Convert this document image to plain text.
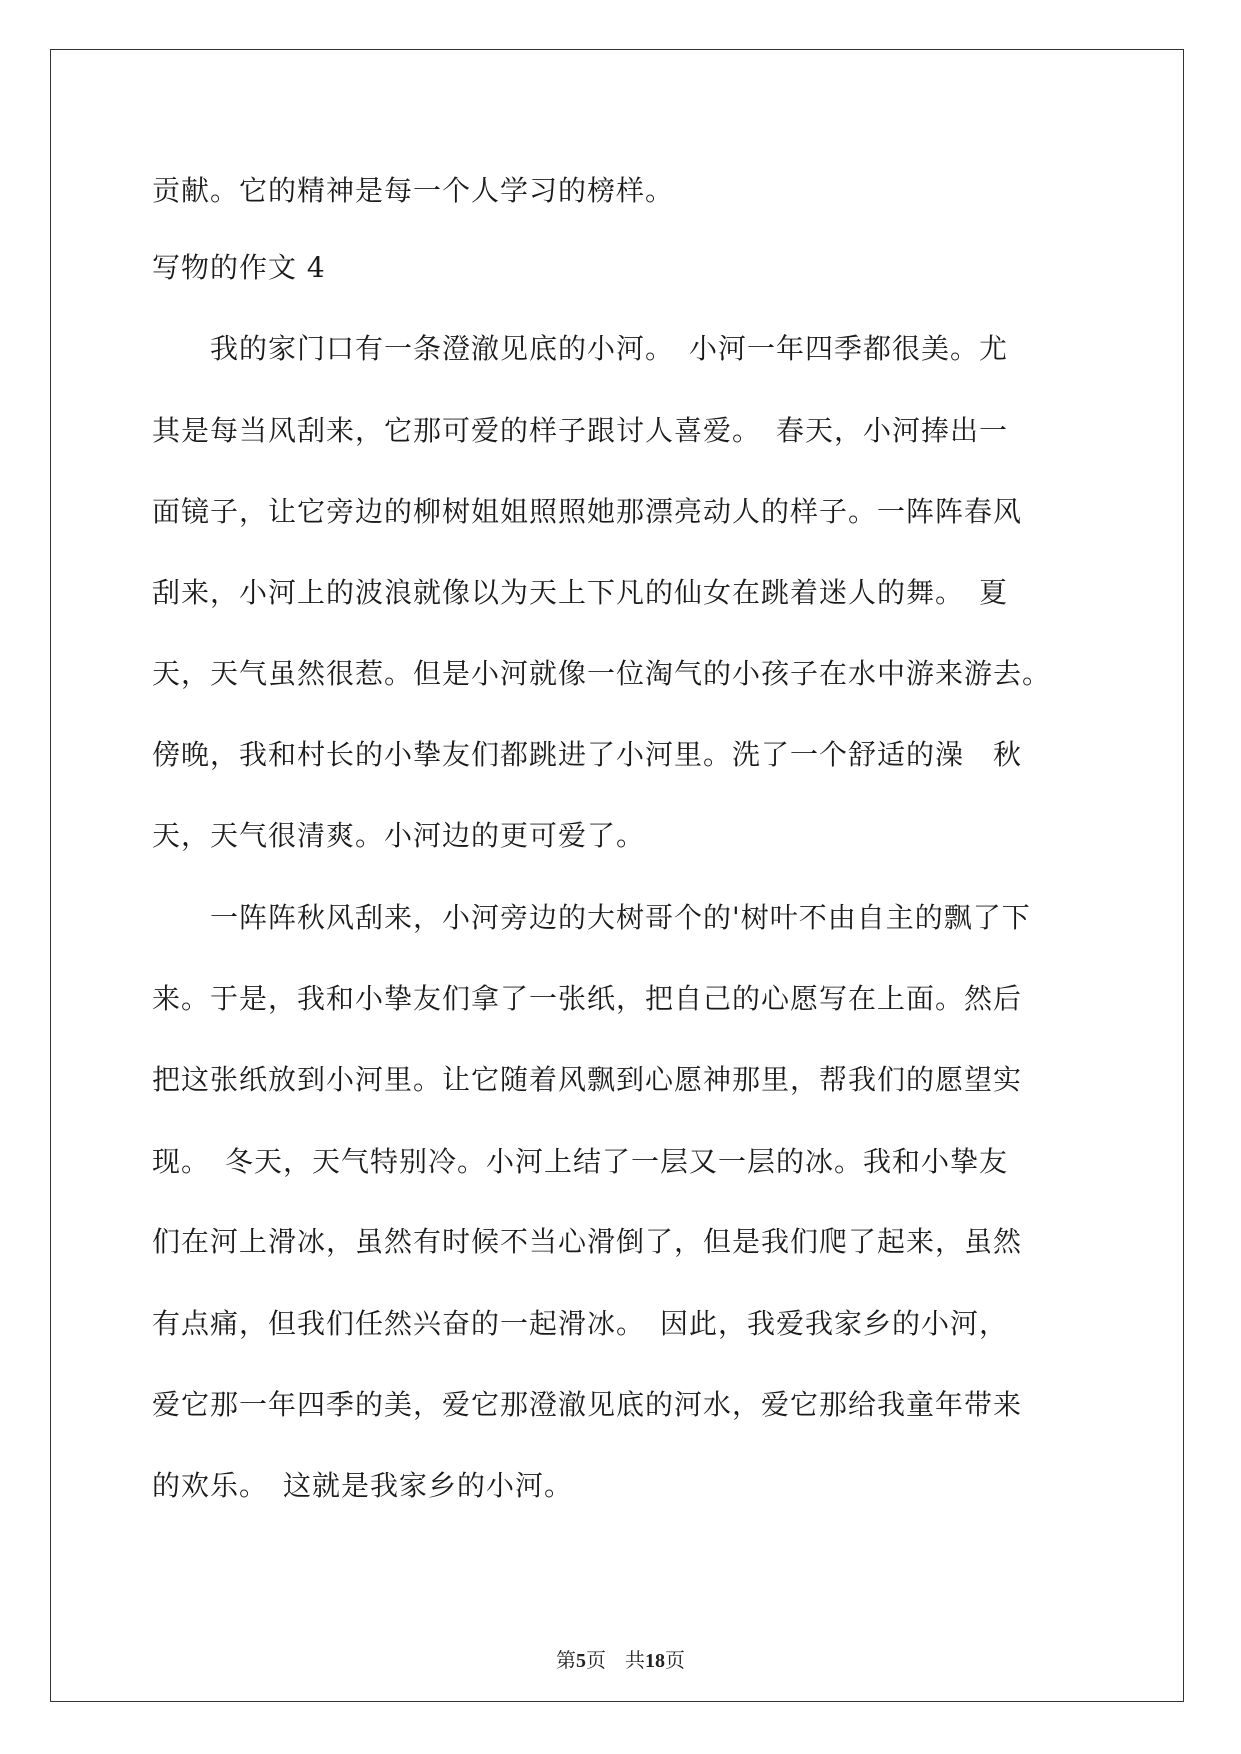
贡献。它的精神是每一个人学习的榜样。
写物的作文 4
　　我的家门口有一条澄澈见底的小河。　小河一年四季都很美。尤
其是每当风刮来，它那可爱的样子跟讨人喜爱。　春天，小河捧出一
面镜子，让它旁边的柳树姐姐照照她那漂亮动人的样子。一阵阵春风
刮来，小河上的波浪就像以为天上下凡的仙女在跳着迷人的舞。　夏
天，天气虽然很惹。但是小河就像一位淘气的小孩子在水中游来游去。
傍晚，我和村长的小挚友们都跳进了小河里。洗了一个舒适的澡　秋
天，天气很清爽。小河边的更可爱了。
　　一阵阵秋风刮来，小河旁边的大树哥个的'树叶不由自主的飘了下
来。于是，我和小挚友们拿了一张纸，把自己的心愿写在上面。然后
把这张纸放到小河里。让它随着风飘到心愿神那里，帮我们的愿望实
现。　冬天，天气特别冷。小河上结了一层又一层的冰。我和小挚友
们在河上滑冰，虽然有时候不当心滑倒了，但是我们爬了起来，虽然
有点痛，但我们任然兴奋的一起滑冰。　因此，我爱我家乡的小河，
爱它那一年四季的美，爱它那澄澈见底的河水，爱它那给我童年带来
的欢乐。　这就是我家乡的小河。
第5页 共18页
